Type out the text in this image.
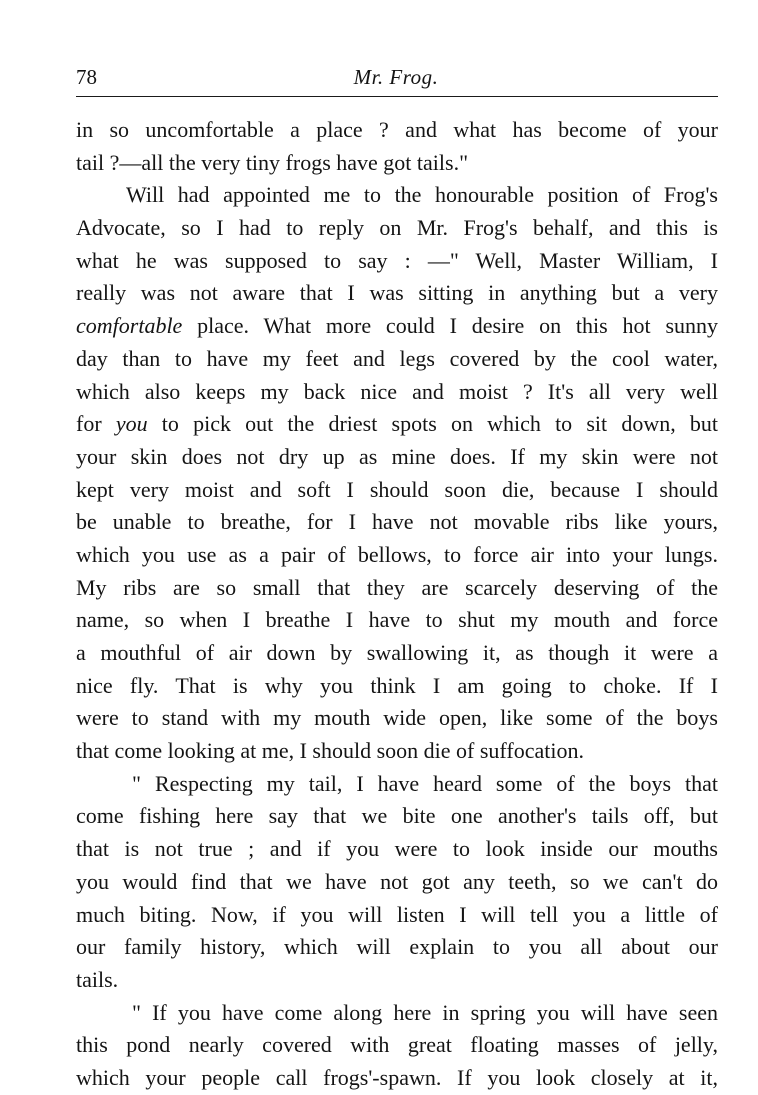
78	Mr. Frog.
in so uncomfortable a place ? and what has become of your
tail ?—all the very tiny frogs have got tails."
Will had appointed me to the honourable position of Frog's
Advocate, so I had to reply on Mr. Frog's behalf, and this is
what he was supposed to say : —" Well, Master William, I
really was not aware that I was sitting in anything but a very
comfortable place. What more could I desire on this hot sunny
day than to have my feet and legs covered by the cool water,
which also keeps my back nice and moist ? It's all very well
for you to pick out the driest spots on which to sit down, but
your skin does not dry up as mine does. If my skin were not
kept very moist and soft I should soon die, because I should
be unable to breathe, for I have not movable ribs like yours,
which you use as a pair of bellows, to force air into your lungs.
My ribs are so small that they are scarcely deserving of the
name, so when I breathe I have to shut my mouth and force
a mouthful of air down by swallowing it, as though it were a
nice fly. That is why you think I am going to choke. If I
were to stand with my mouth wide open, like some of the boys
that come looking at me, I should soon die of suffocation.
" Respecting my tail, I have heard some of the boys that
come fishing here say that we bite one another's tails off, but
that is not true ; and if you were to look inside our mouths
you would find that we have not got any teeth, so we can't do
much biting. Now, if you will listen I will tell you a little of
our family history, which will explain to you all about our
tails.
" If you have come along here in spring you will have seen
this pond nearly covered with great floating masses of jelly,
which your people call frogs'-spawn. If you look closely at it,
